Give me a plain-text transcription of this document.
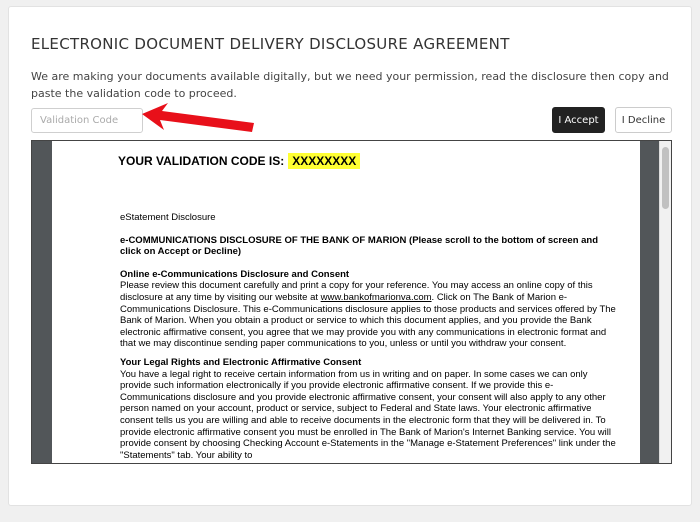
ELECTRONIC DOCUMENT DELIVERY DISCLOSURE AGREEMENT

We are making your documents available digitally, but we need your permission, read the disclosure then copy and paste the validation code to proceed.

Validation Code
I Accept	I Decline
YOUR VALIDATION CODE IS: XXXXXXXX

eStatement Disclosure

e-COMMUNICATIONS DISCLOSURE OF THE BANK OF MARION (Please scroll to the bottom of screen and click on Accept or Decline)

Online e-Communications Disclosure and Consent
Please review this document carefully and print a copy for your reference. You may access an online copy of this disclosure at any time by visiting our website at www.bankofmarionva.com. Click on The Bank of Marion e-Communications Disclosure. This e-Communications disclosure applies to those products and services offered by The Bank of Marion. When you obtain a product or service to which this document applies, and you provide the Bank electronic affirmative consent, you agree that we may provide you with any communications in electronic format and that we may discontinue sending paper communications to you, unless or until you withdraw your consent.
Your Legal Rights and Electronic Affirmative Consent
You have a legal right to receive certain information from us in writing and on paper. In some cases we can only provide such information electronically if you provide electronic affirmative consent. If we provide this e-Communications disclosure and you provide electronic affirmative consent, your consent will also apply to any other person named on your account, product or service, subject to Federal and State laws. Your electronic affirmative consent tells us you are willing and able to receive documents in the electronic form that they will be delivered in. To provide electronic affirmative consent you must be enrolled in The Bank of Marion's Internet Banking service. You will provide consent by choosing Checking Account e-Statements in the "Manage e-Statement Preferences" link under the "Statements" tab. Your ability to
